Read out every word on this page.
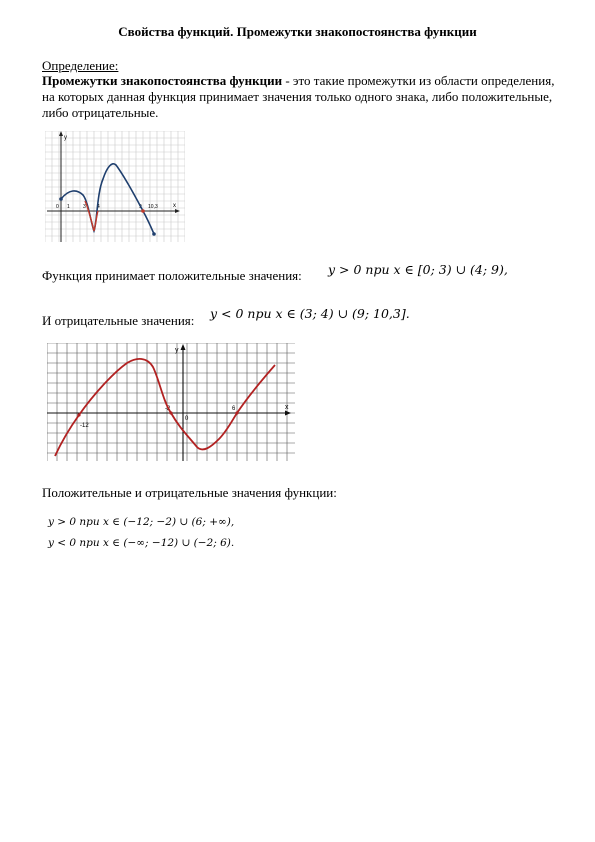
Свойства функций. Промежутки знакопостоянства функции
Определение:
Промежутки знакопостоянства функции - это такие промежутки из области определения, на которых данная функция принимает значения только одного знака, либо положительные, либо отрицательные.
y
x
0 1	3 4	9 10,3
Функция принимает положительные значения: y > 0 при x ∈ [0; 3) ∪ (4; 9),
И отрицательные значения: y < 0 при x ∈ (3; 4) ∪ (9; 10,3].
y
x
-2
0
6
-12
Положительные и отрицательные значения функции:
y > 0 при x ∈ (−12; −2) ∪ (6; +∞),
y < 0 при x ∈ (−∞; −12) ∪ (−2; 6).
